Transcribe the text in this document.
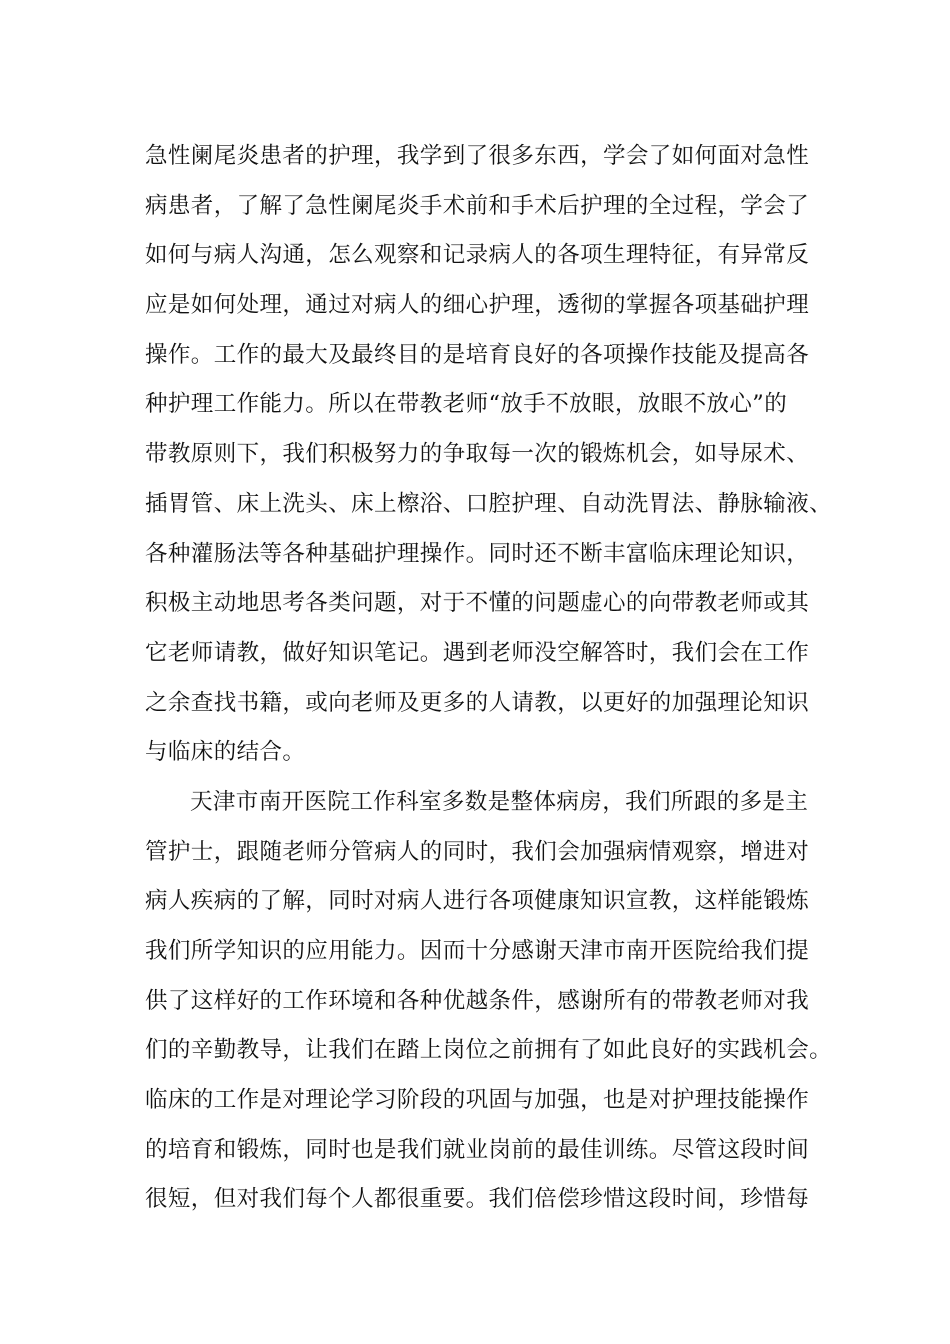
急性阑尾炎患者的护理，我学到了很多东西，学会了如何面对急性
病患者，了解了急性阑尾炎手术前和手术后护理的全过程，学会了
如何与病人沟通，怎么观察和记录病人的各项生理特征，有异常反
应是如何处理，通过对病人的细心护理，透彻的掌握各项基础护理
操作。工作的最大及最终目的是培育良好的各项操作技能及提高各
种护理工作能力。所以在带教老师“放手不放眼，放眼不放心”的
带教原则下，我们积极努力的争取每一次的锻炼机会，如导尿术、
插胃管、床上洗头、床上檫浴、口腔护理、自动洗胃法、静脉输液、
各种灌肠法等各种基础护理操作。同时还不断丰富临床理论知识，
积极主动地思考各类问题，对于不懂的问题虚心的向带教老师或其
它老师请教，做好知识笔记。遇到老师没空解答时，我们会在工作
之余查找书籍，或向老师及更多的人请教，以更好的加强理论知识
与临床的结合。
天津市南开医院工作科室多数是整体病房，我们所跟的多是主
管护士，跟随老师分管病人的同时，我们会加强病情观察，增进对
病人疾病的了解，同时对病人进行各项健康知识宣教，这样能锻炼
我们所学知识的应用能力。因而十分感谢天津市南开医院给我们提
供了这样好的工作环境和各种优越条件，感谢所有的带教老师对我
们的辛勤教导，让我们在踏上岗位之前拥有了如此良好的实践机会。
临床的工作是对理论学习阶段的巩固与加强，也是对护理技能操作
的培育和锻炼，同时也是我们就业岗前的最佳训练。尽管这段时间
很短，但对我们每个人都很重要。我们倍偿珍惜这段时间，珍惜每
